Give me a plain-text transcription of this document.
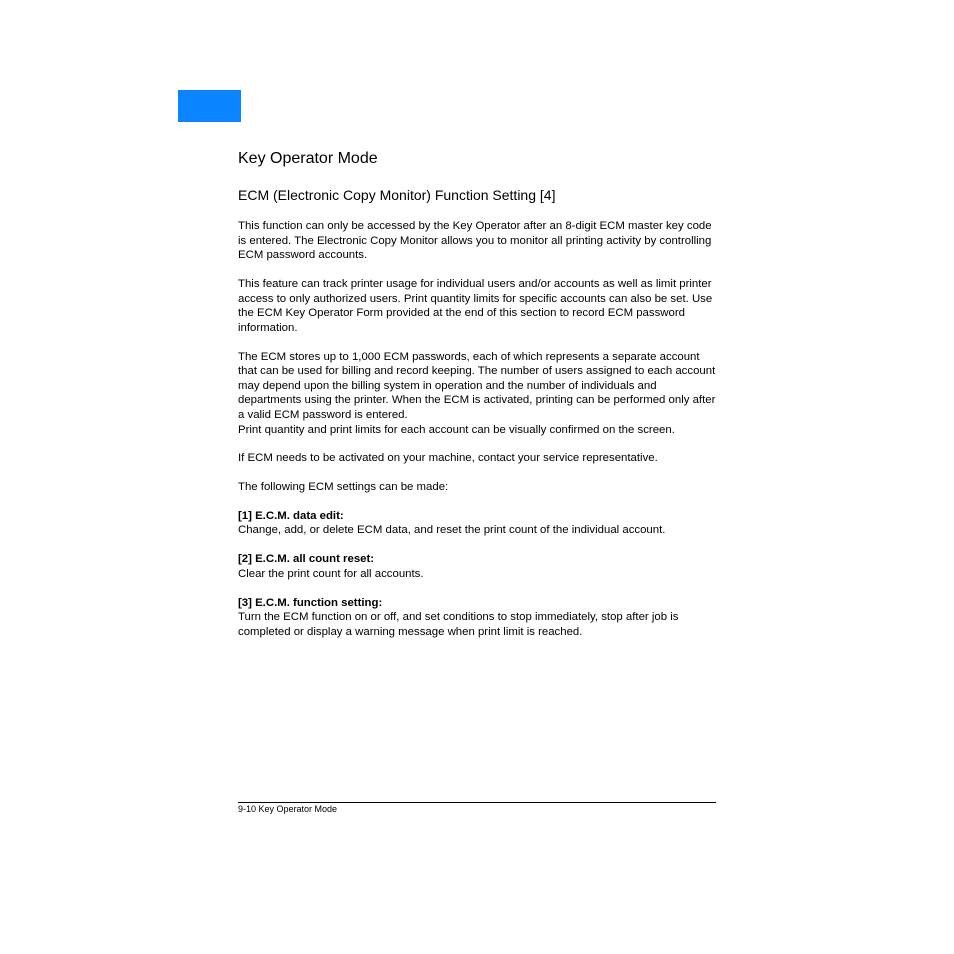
Key Operator Mode
ECM (Electronic Copy Monitor) Function Setting [4]

This function can only be accessed by the Key Operator after an 8-digit ECM master key code is entered. The Electronic Copy Monitor allows you to monitor all printing activity by controlling ECM password accounts.

This feature can track printer usage for individual users and/or accounts as well as limit printer access to only authorized users. Print quantity limits for specific accounts can also be set. Use the ECM Key Operator Form provided at the end of this section to record ECM password information.

The ECM stores up to 1,000 ECM passwords, each of which represents a separate account that can be used for billing and record keeping. The number of users assigned to each account may depend upon the billing system in operation and the number of individuals and departments using the printer. When the ECM is activated, printing can be performed only after a valid ECM password is entered.

Print quantity and print limits for each account can be visually confirmed on the screen.

If ECM needs to be activated on your machine, contact your service representative.

The following ECM settings can be made:

[1] E.C.M. data edit:
Change, add, or delete ECM data, and reset the print count of the individual account.
[2] E.C.M. all count reset:
Clear the print count for all accounts.
[3] E.C.M. function setting:
Turn the ECM function on or off, and set conditions to stop immediately, stop after job is completed or display a warning message when print limit is reached.
9-10 Key Operator Mode
